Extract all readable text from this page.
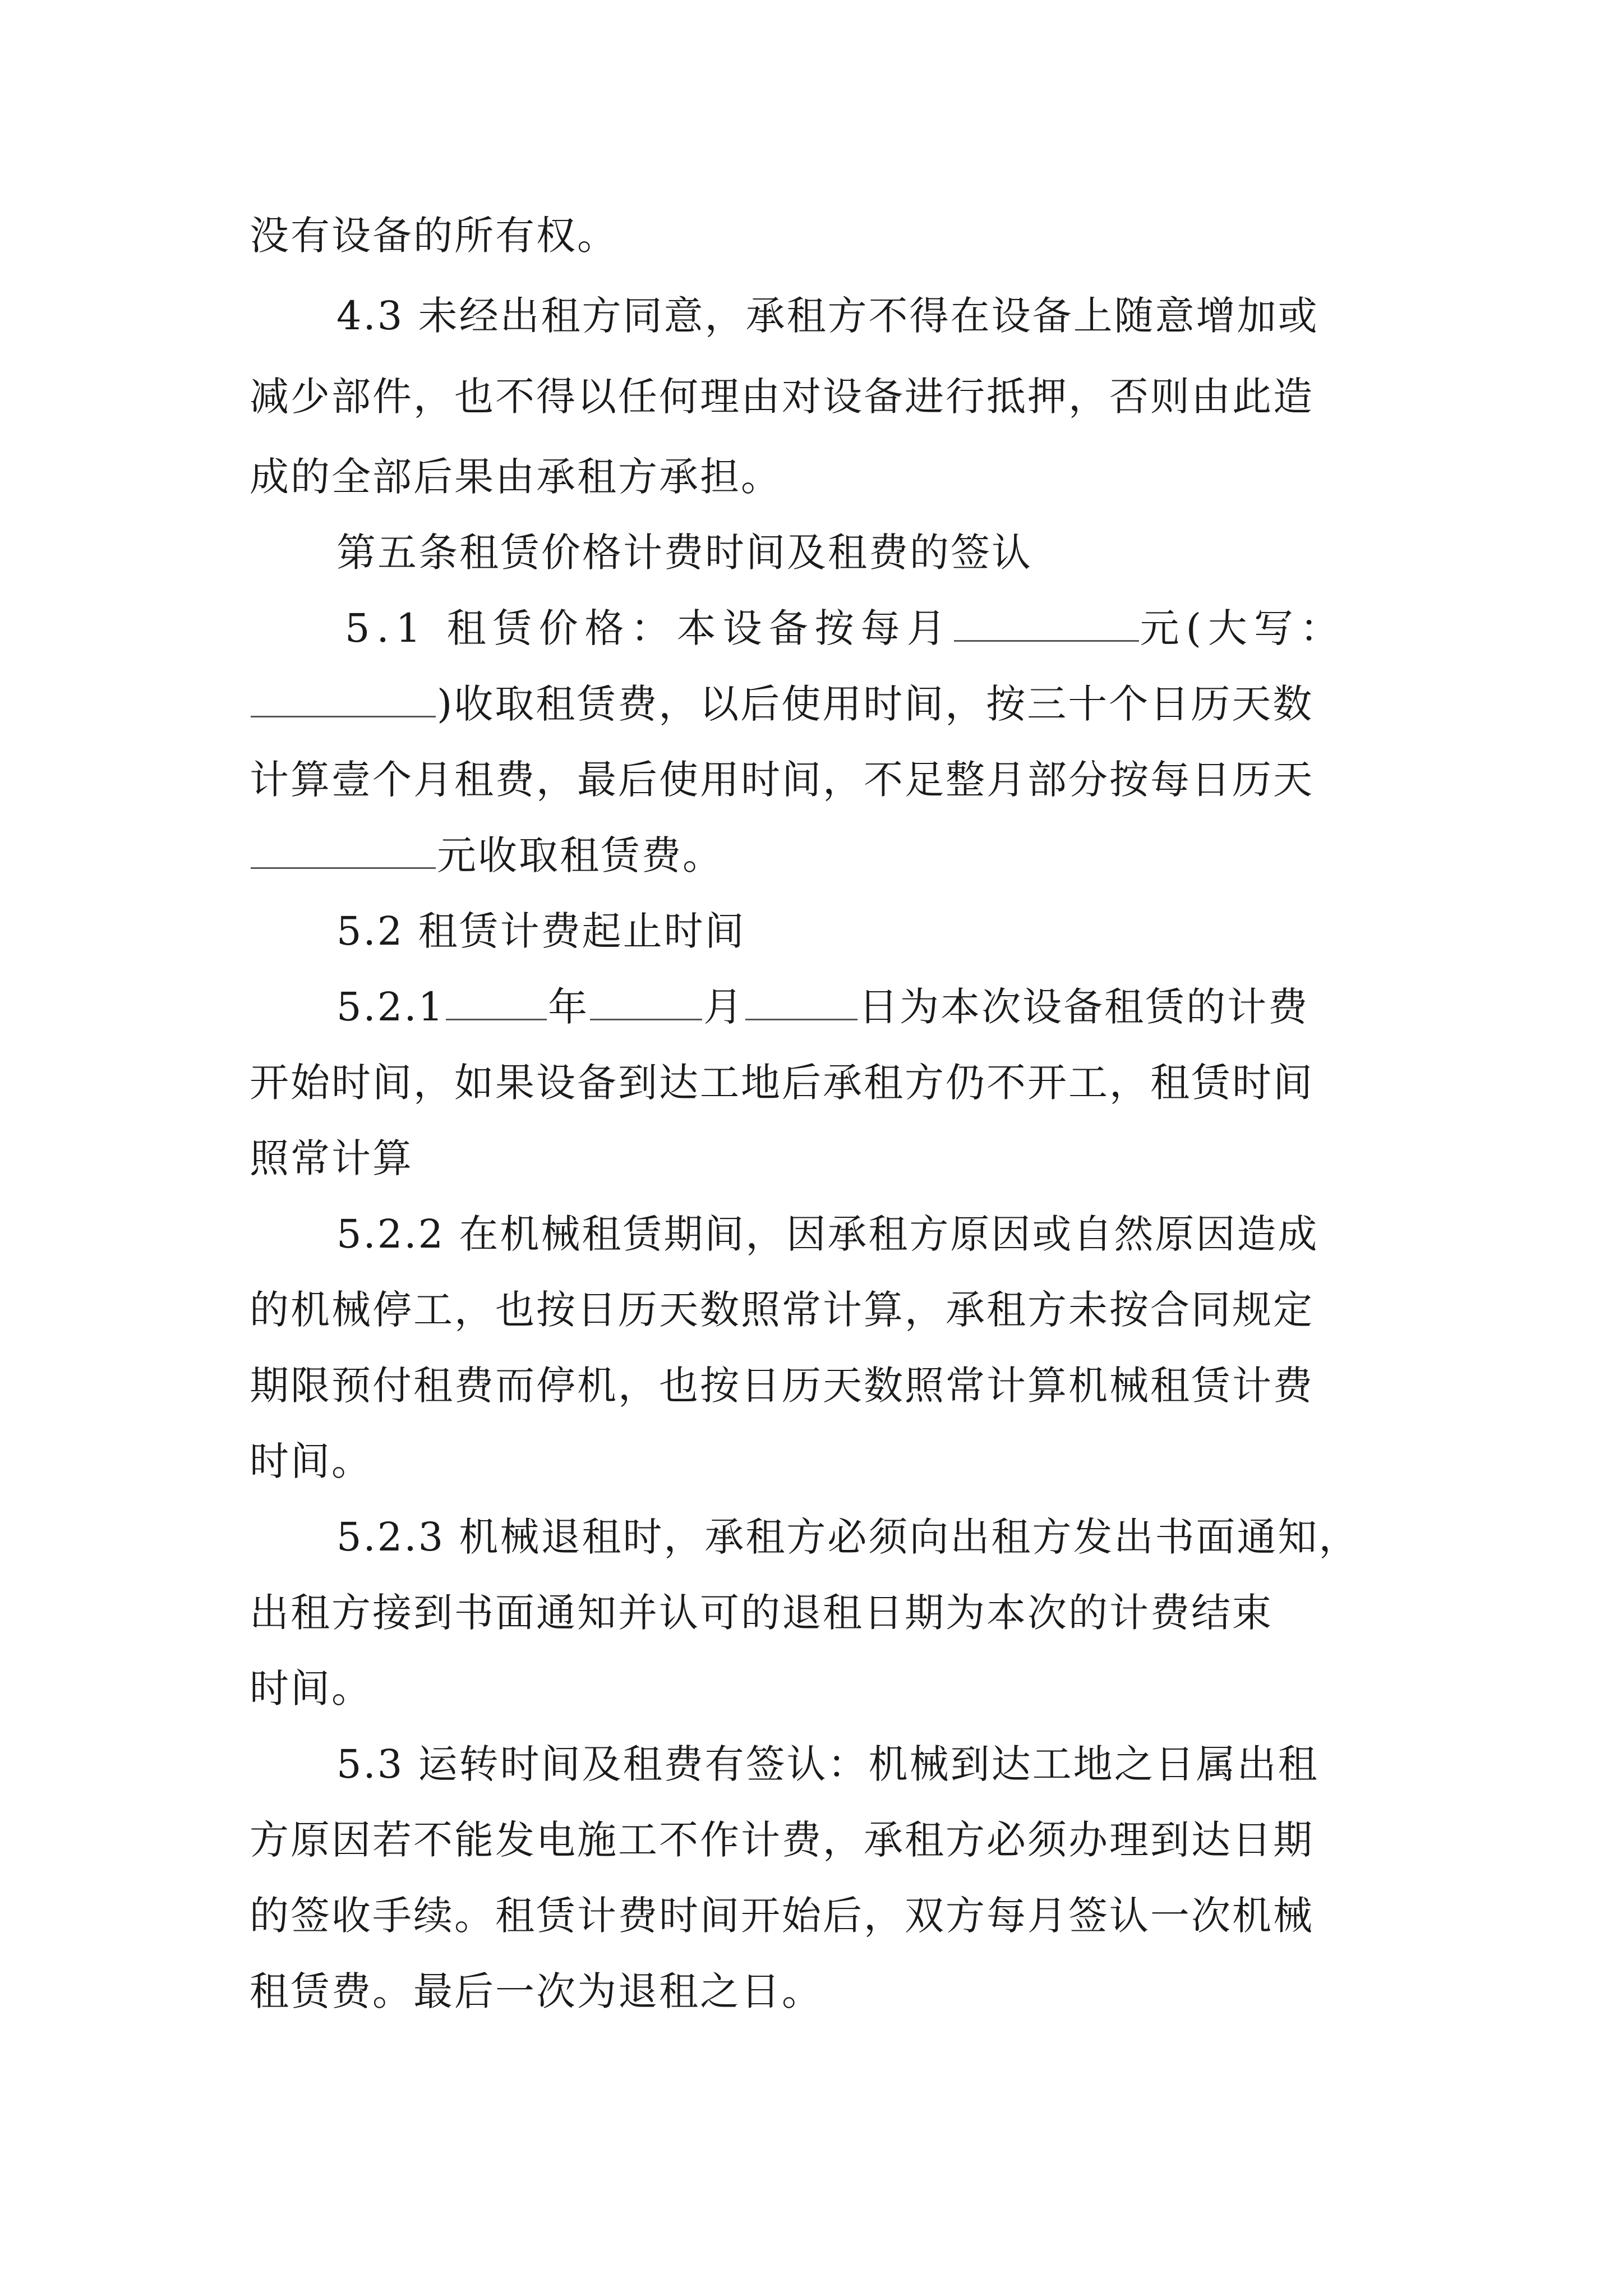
没有设备的所有权。
4.3 未经出租方同意，承租方不得在设备上随意增加或
减少部件，也不得以任何理由对设备进行抵押，否则由此造
成的全部后果由承租方承担。
第五条租赁价格计费时间及租费的签认
5.1 租赁价格：本设备按每月	元(大写：
)收取租赁费，以后使用时间，按三十个日历天数
计算壹个月租费，最后使用时间，不足整月部分按每日历天
元收取租赁费。
5.2 租赁计费起止时间
5.2.1	年	月	日为本次设备租赁的计费
开始时间，如果设备到达工地后承租方仍不开工，租赁时间
照常计算
5.2.2 在机械租赁期间，因承租方原因或自然原因造成
的机械停工，也按日历天数照常计算，承租方未按合同规定
期限预付租费而停机，也按日历天数照常计算机械租赁计费
时间。
5.2.3 机械退租时，承租方必须向出租方发出书面通知，
出租方接到书面通知并认可的退租日期为本次的计费结束
时间。
5.3 运转时间及租费有签认：机械到达工地之日属出租
方原因若不能发电施工不作计费，承租方必须办理到达日期
的签收手续。租赁计费时间开始后，双方每月签认一次机械
租赁费。最后一次为退租之日。
